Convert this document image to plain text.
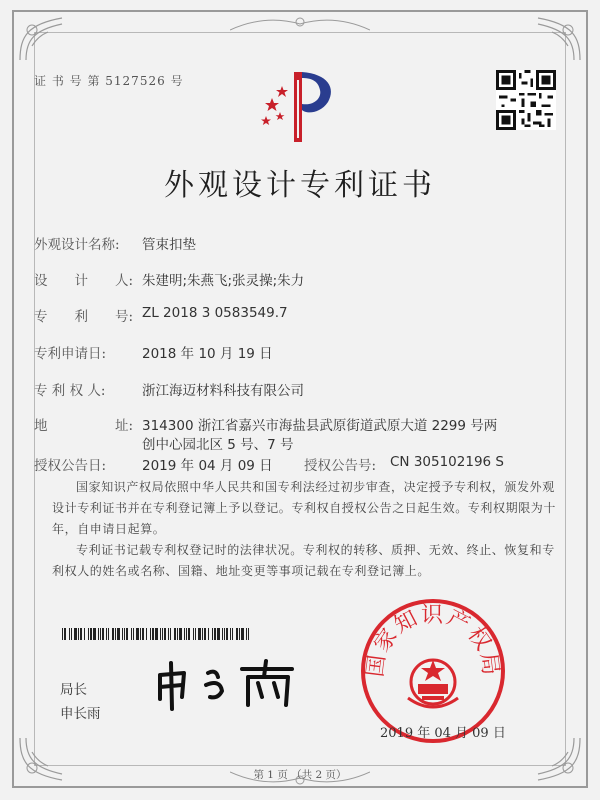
证 书 号 第 5127526 号
外观设计专利证书
外观设计名称: 管束扣垫
设　　计　　人: 朱建明;朱燕飞;张灵操;朱力
专　　利　　号: ZL 2018 3 0583549.7
专利申请日:	2018 年 10 月 19 日
专 利 权 人:	浙江海迈材料科技有限公司
地　　　　　址: 314300 浙江省嘉兴市海盐县武原街道武原大道 2299 号两
创中心园北区 5 号、7 号
授权公告日:	2019 年 04 月 09 日 授权公告号: CN 305102196 S
国家知识产权局依照中华人民共和国专利法经过初步审查，决定授予专利权，颁发外观设计专利证书并在专利登记簿上予以登记。专利权自授权公告之日起生效。专利权期限为十年，自申请日起算。
专利证书记载专利权登记时的法律状况。专利权的转移、质押、无效、终止、恢复和专利权人的姓名或名称、国籍、地址变更等事项记载在专利登记簿上。
局长
申长雨
国家知识产权局
2019 年 04 月 09 日
第 1 页 （共 2 页）
